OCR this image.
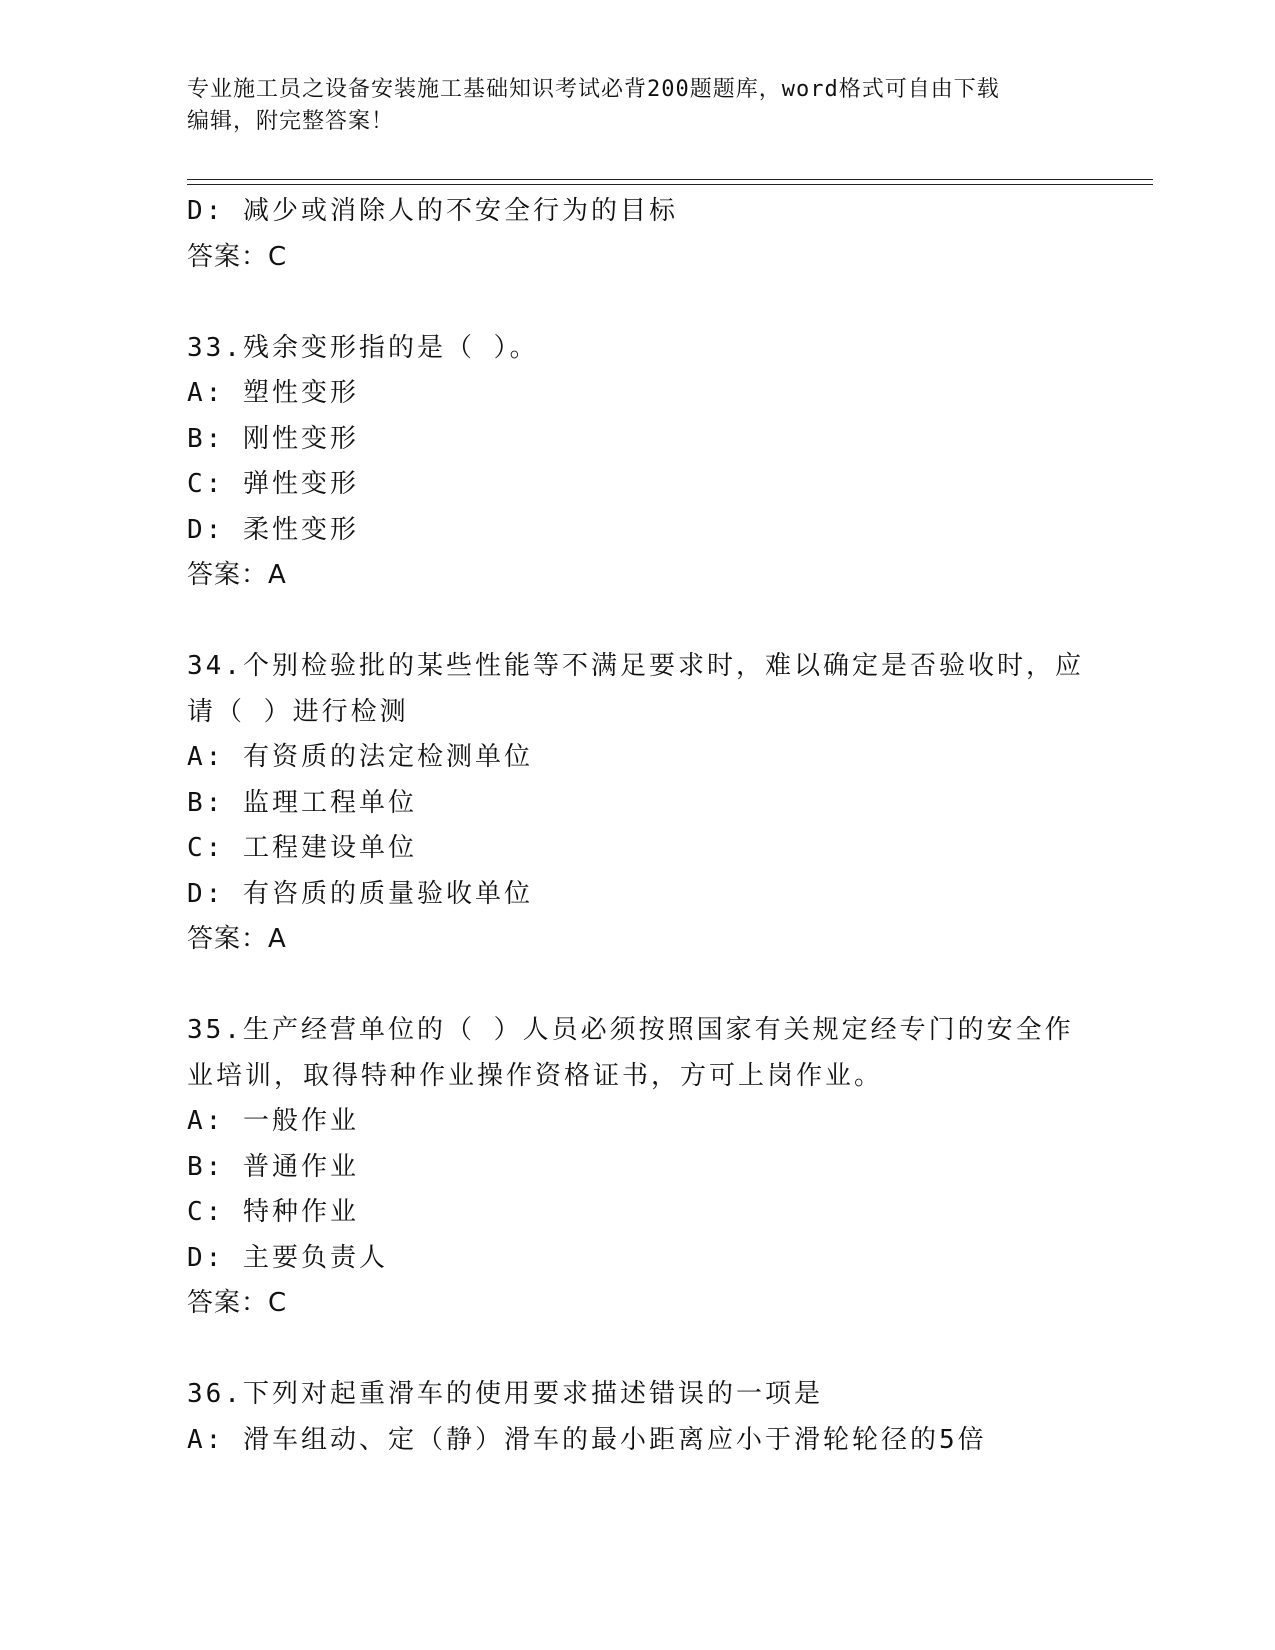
专业施工员之设备安装施工基础知识考试必背200题题库，word格式可自由下载
编辑，附完整答案！
D: 减少或消除人的不安全行为的目标
答案：C
33.残余变形指的是（ ）。
A: 塑性变形
B: 刚性变形
C: 弹性变形
D: 柔性变形
答案：A
34.个别检验批的某些性能等不满足要求时，难以确定是否验收时，应
请（ ）进行检测
A: 有资质的法定检测单位
B: 监理工程单位
C: 工程建设单位
D: 有咨质的质量验收单位
答案：A
35.生产经营单位的（ ）人员必须按照国家有关规定经专门的安全作
业培训，取得特种作业操作资格证书，方可上岗作业。
A: 一般作业
B: 普通作业
C: 特种作业
D: 主要负责人
答案：C
36.下列对起重滑车的使用要求描述错误的一项是
A: 滑车组动、定（静）滑车的最小距离应小于滑轮轮径的5倍
